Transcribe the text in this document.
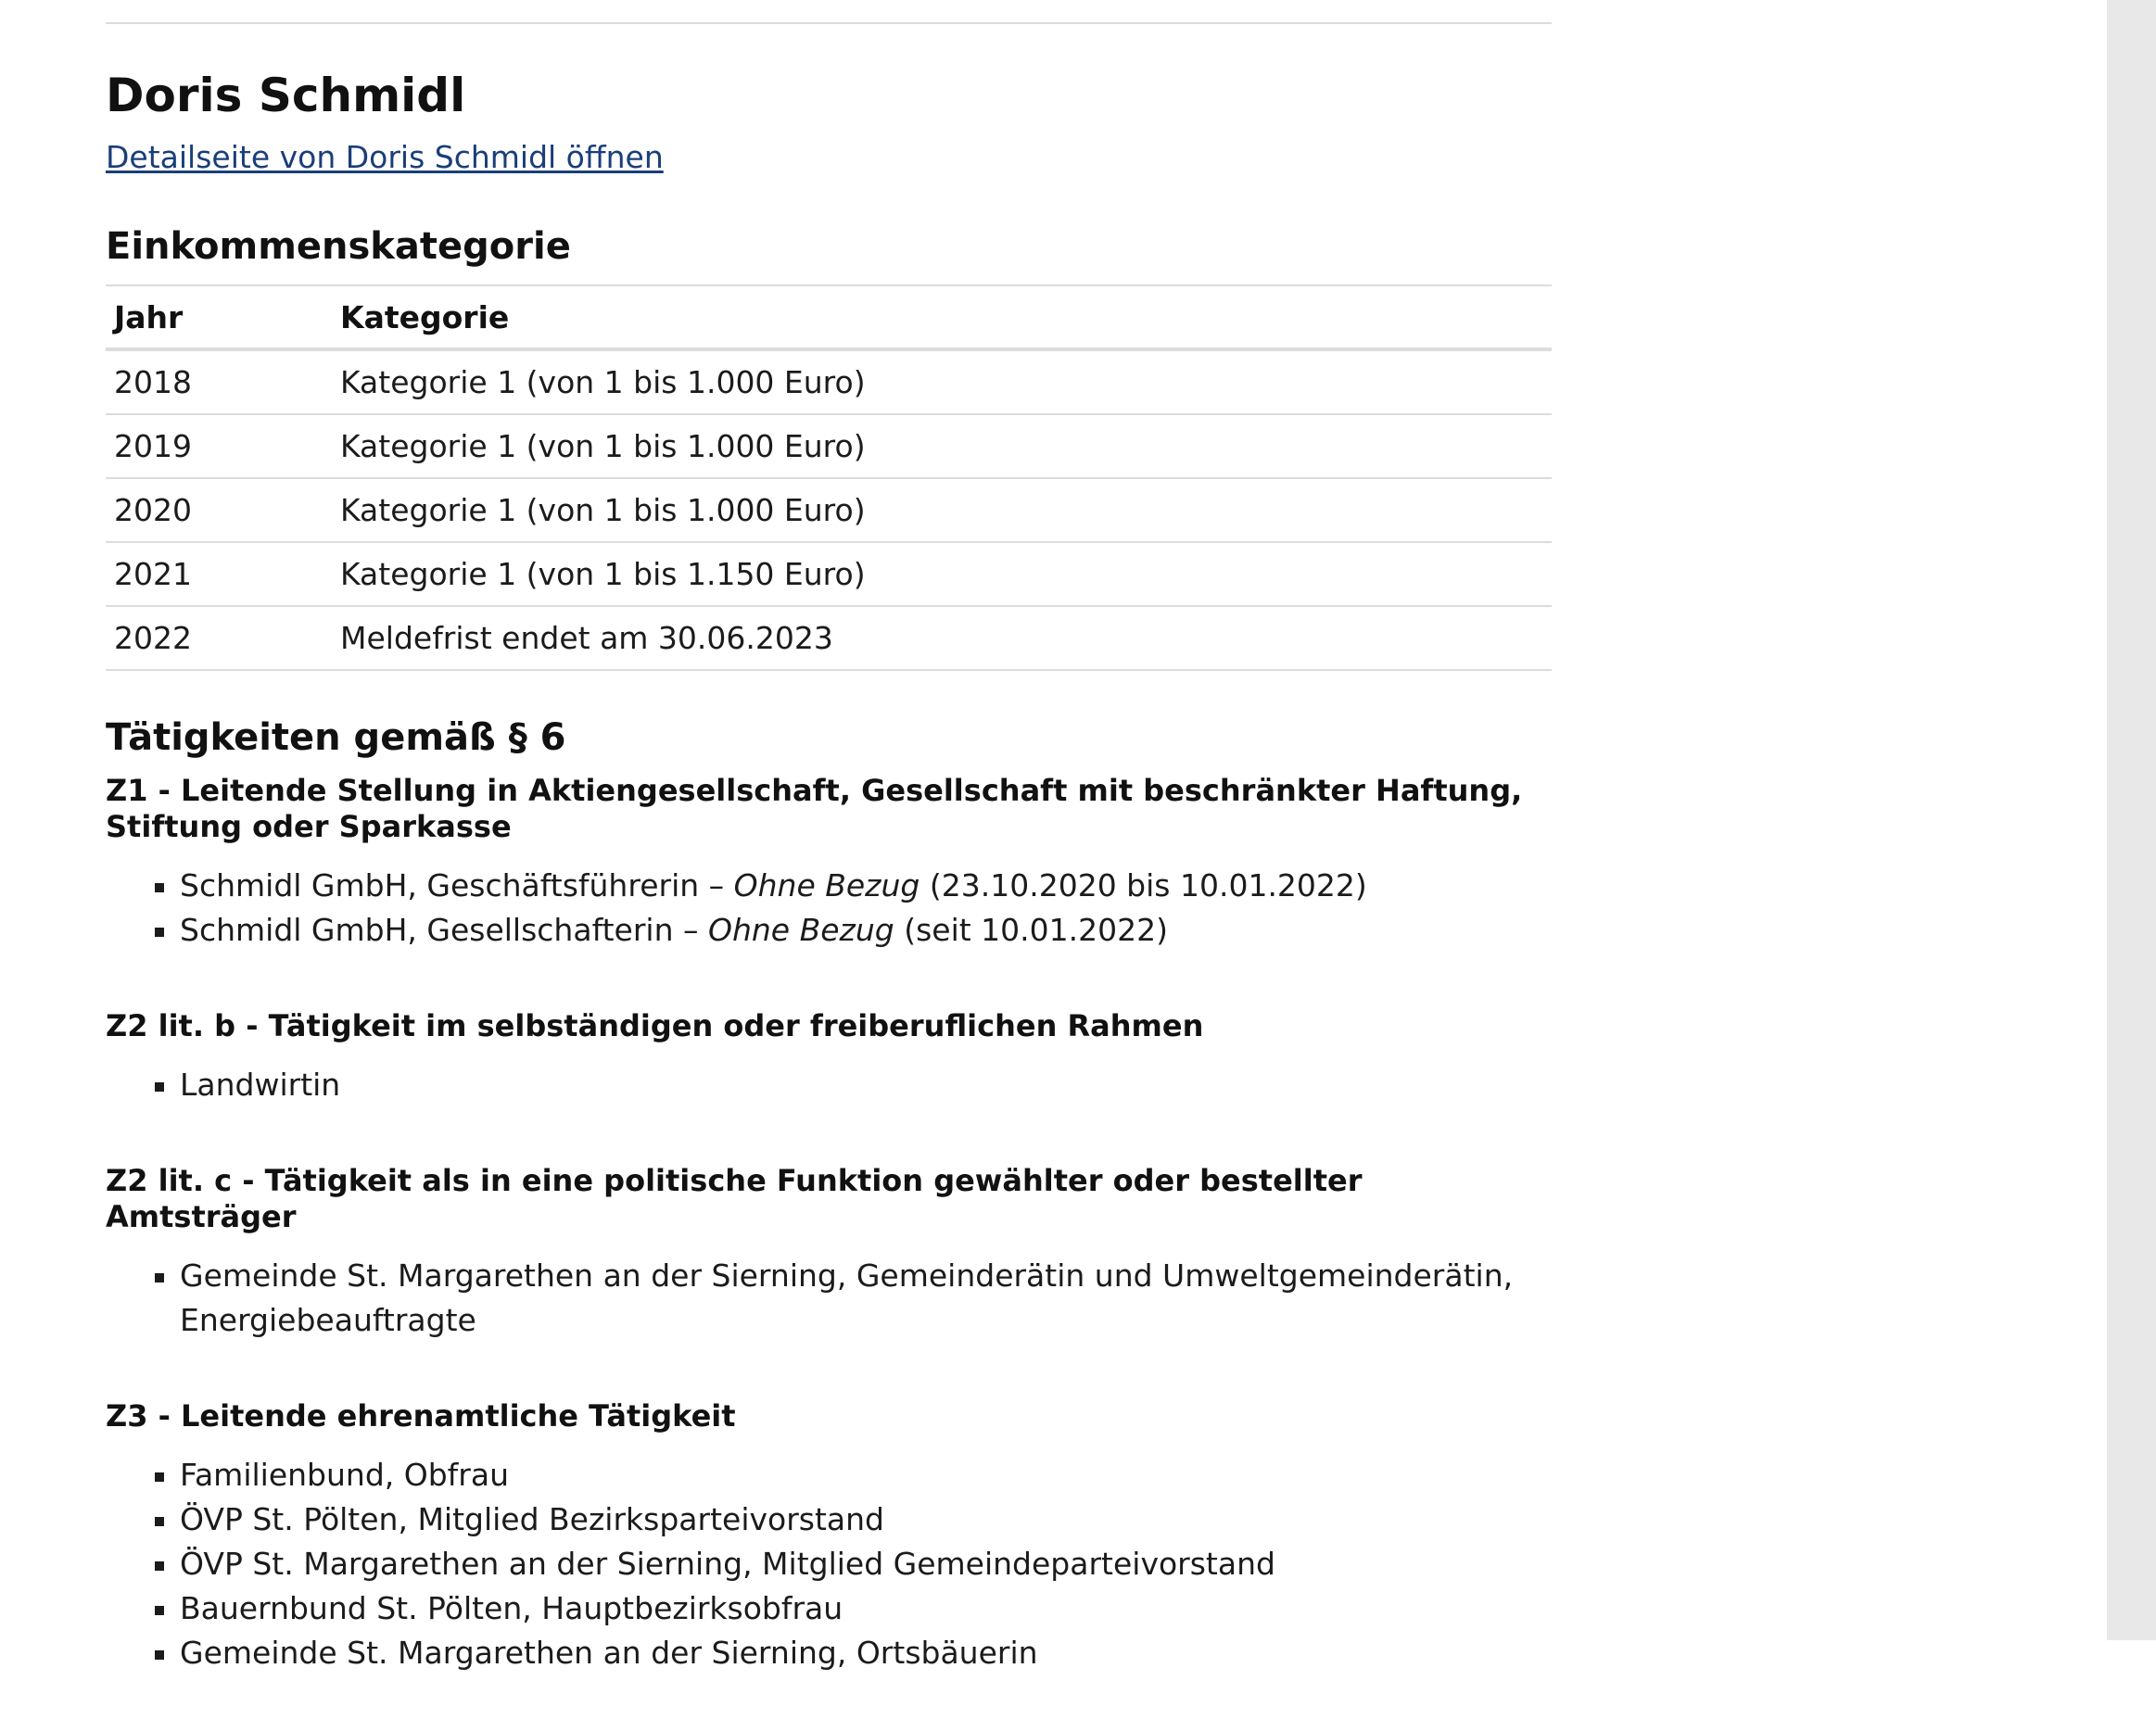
Doris Schmidl
Detailseite von Doris Schmidl öffnen
Einkommenskategorie
Jahr	Kategorie
2018	Kategorie 1 (von 1 bis 1.000 Euro)
2019	Kategorie 1 (von 1 bis 1.000 Euro)
2020	Kategorie 1 (von 1 bis 1.000 Euro)
2021	Kategorie 1 (von 1 bis 1.150 Euro)
2022	Meldefrist endet am 30.06.2023
Tätigkeiten gemäß § 6
Z1 - Leitende Stellung in Aktiengesellschaft, Gesellschaft mit beschränkter Haftung, Stiftung oder Sparkasse
Schmidl GmbH, Geschäftsführerin – Ohne Bezug (23.10.2020 bis 10.01.2022)
Schmidl GmbH, Gesellschafterin – Ohne Bezug (seit 10.01.2022)
Z2 lit. b - Tätigkeit im selbständigen oder freiberuflichen Rahmen
Landwirtin
Z2 lit. c - Tätigkeit als in eine politische Funktion gewählter oder bestellter Amtsträger
Gemeinde St. Margarethen an der Sierning, Gemeinderätin und Umweltgemeinderätin, Energiebeauftragte
Z3 - Leitende ehrenamtliche Tätigkeit
Familienbund, Obfrau
ÖVP St. Pölten, Mitglied Bezirksparteivorstand
ÖVP St. Margarethen an der Sierning, Mitglied Gemeindeparteivorstand
Bauernbund St. Pölten, Hauptbezirksobfrau
Gemeinde St. Margarethen an der Sierning, Ortsbäuerin
